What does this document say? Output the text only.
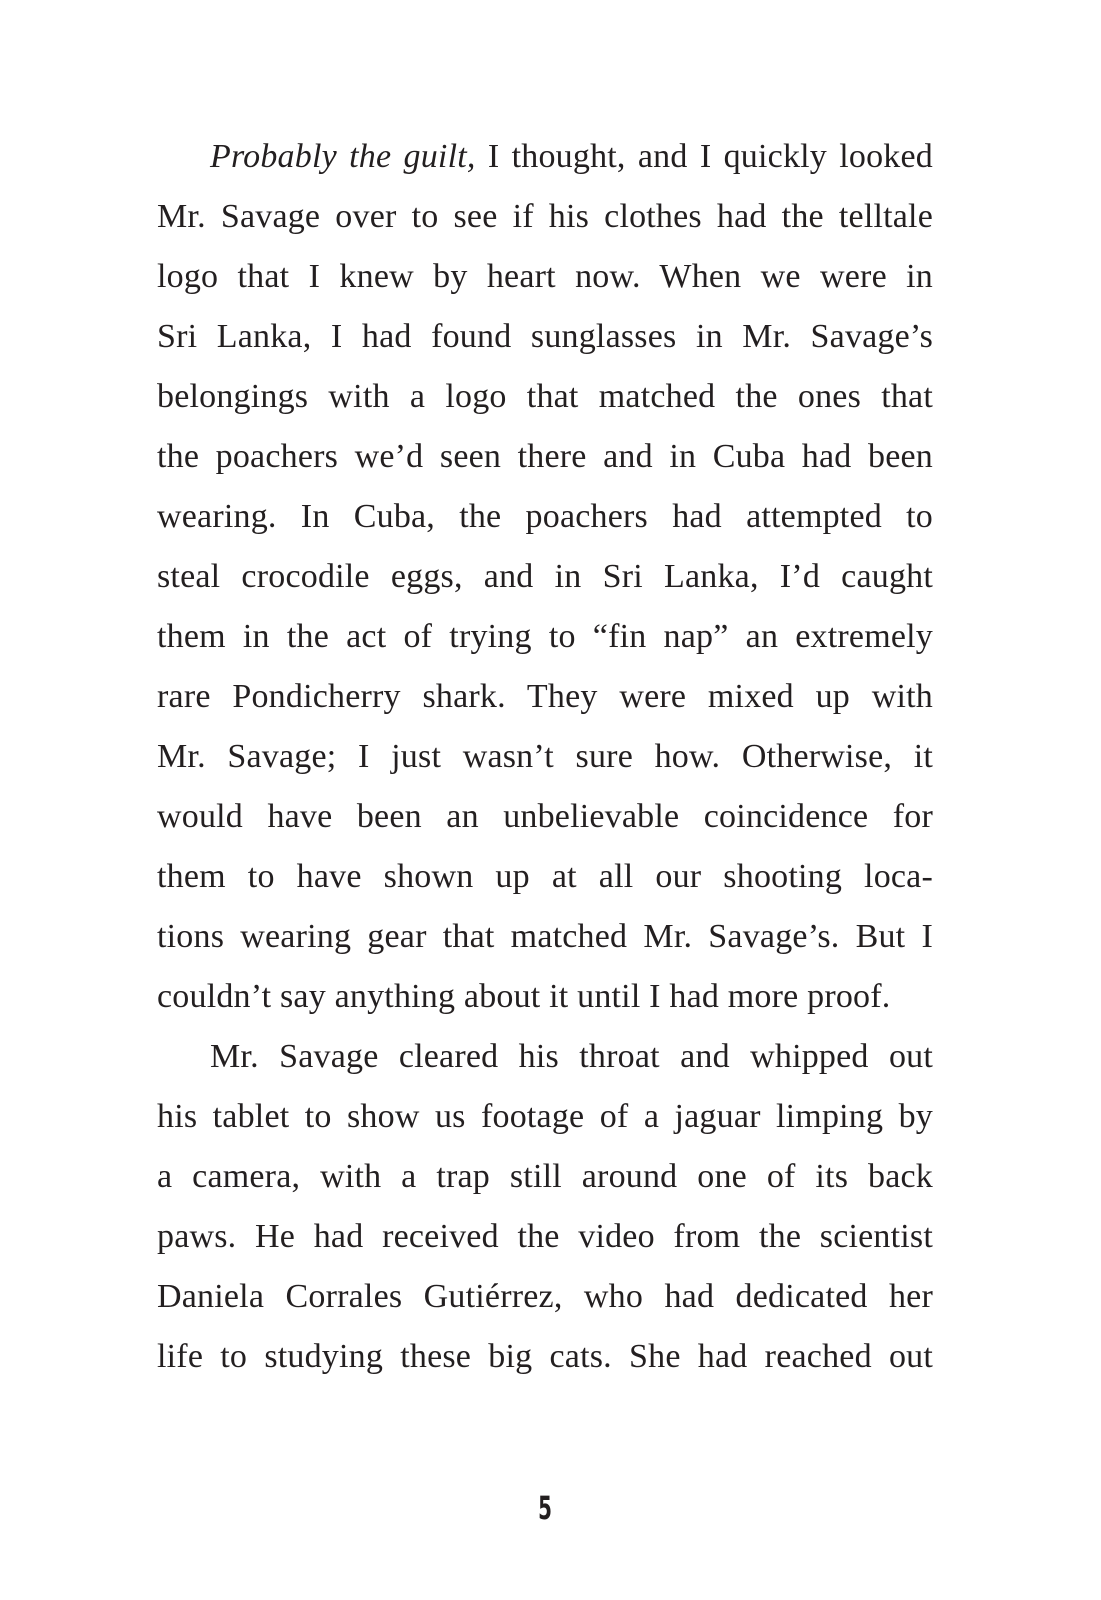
Probably the guilt, I thought, and I quickly looked
Mr. Savage over to see if his clothes had the telltale
logo that I knew by heart now. When we were in
Sri Lanka, I had found sunglasses in Mr. Savage’s
belongings with a logo that matched the ones that
the poachers we’d seen there and in Cuba had been
wearing. In Cuba, the poachers had attempted to
steal crocodile eggs, and in Sri Lanka, I’d caught
them in the act of trying to “fin nap” an extremely
rare Pondicherry shark. They were mixed up with
Mr. Savage; I just wasn’t sure how. Otherwise, it
would have been an unbelievable coincidence for
them to have shown up at all our shooting loca-
tions wearing gear that matched Mr. Savage’s. But I
couldn’t say anything about it until I had more proof.
Mr. Savage cleared his throat and whipped out
his tablet to show us footage of a jaguar limping by
a camera, with a trap still around one of its back
paws. He had received the video from the scientist
Daniela Corrales Gutiérrez, who had dedicated her
life to studying these big cats. She had reached out
5
